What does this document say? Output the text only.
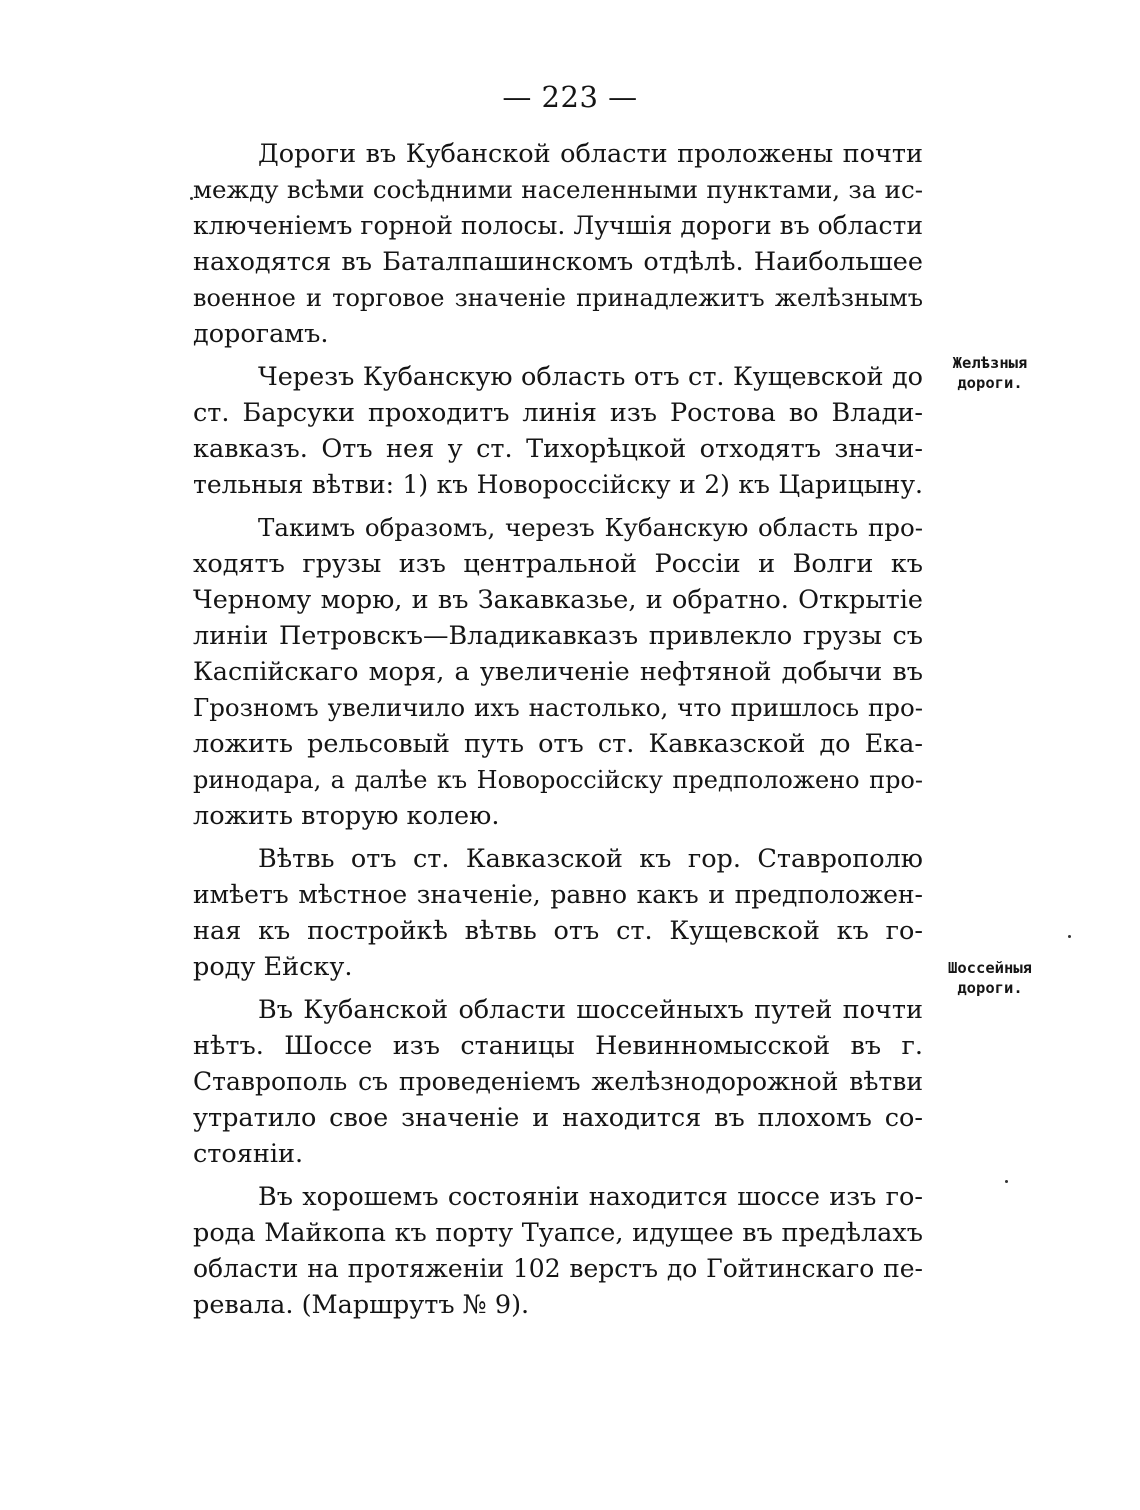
— 223 —
Дороги въ Кубанской области проложены почти
между всѣми сосѣдними населенными пунктами, за ис-
ключеніемъ горной полосы. Лучшія дороги въ области
находятся въ Баталпашинскомъ отдѣлѣ. Наибольшее
военное и торговое значеніе принадлежитъ желѣзнымъ
дорогамъ.
Черезъ Кубанскую область отъ ст. Кущевской до
ст. Барсуки проходитъ линія изъ Ростова во Влади-
кавказъ. Отъ нея у ст. Тихорѣцкой отходятъ значи-
тельныя вѣтви: 1) къ Новороссійску и 2) къ Царицыну.
Такимъ образомъ, черезъ Кубанскую область про-
ходятъ грузы изъ центральной Россіи и Волги къ
Черному морю, и въ Закавказье, и обратно. Открытіе
линіи Петровскъ—Владикавказъ привлекло грузы съ
Каспійскаго моря, а увеличеніе нефтяной добычи въ
Грозномъ увеличило ихъ настолько, что пришлось про-
ложить рельсовый путь отъ ст. Кавказской до Ека-
ринодара, а далѣе къ Новороссійску предположено про-
ложить вторую колею.
Вѣтвь отъ ст. Кавказской къ гор. Ставрополю
имѣетъ мѣстное значеніе, равно какъ и предположен-
ная къ постройкѣ вѣтвь отъ ст. Кущевской къ го-
роду Ейску.
Въ Кубанской области шоссейныхъ путей почти
нѣтъ. Шоссе изъ станицы Невинномысской въ г.
Ставрополь съ проведеніемъ желѣзнодорожной вѣтви
утратило свое значеніе и находится въ плохомъ со-
стояніи.
Въ хорошемъ состояніи находится шоссе изъ го-
рода Майкопа къ порту Туапсе, идущее въ предѣлахъ
области на протяженіи 102 верстъ до Гойтинскаго пе-
ревала. (Маршрутъ № 9).
Желѣзныя
дороги.
Шоссейныя
дороги.
